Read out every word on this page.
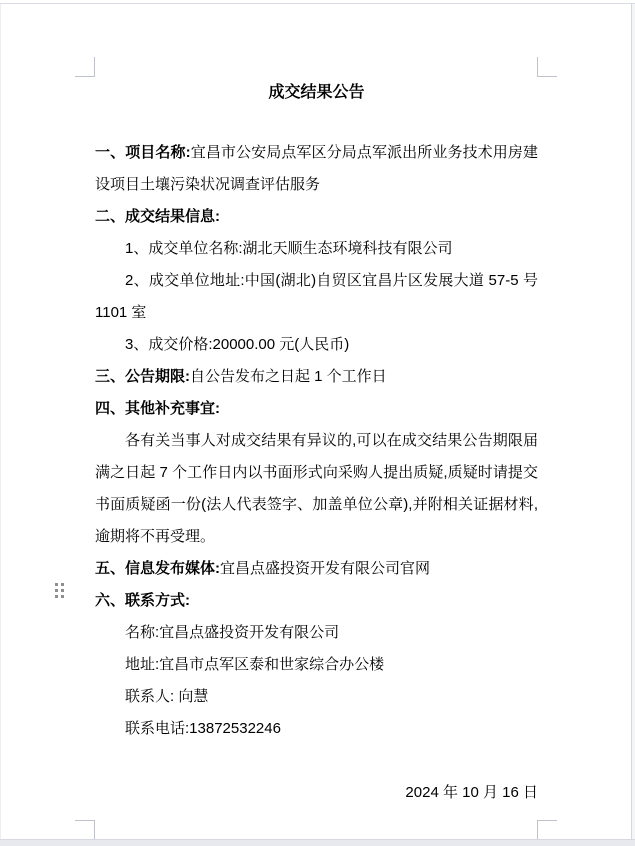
成交结果公告

一、项目名称:宜昌市公安局点军区分局点军派出所业务技术用房建设项目土壤污染状况调查评估服务

二、成交结果信息:

1、成交单位名称:湖北天顺生态环境科技有限公司

2、成交单位地址:中国(湖北)自贸区宜昌片区发展大道 57-5 号 1101 室

3、成交价格:20000.00 元(人民币)

三、公告期限:自公告发布之日起 1 个工作日

四、其他补充事宜:

各有关当事人对成交结果有异议的,可以在成交结果公告期限届满之日起 7 个工作日内以书面形式向采购人提出质疑,质疑时请提交书面质疑函一份(法人代表签字、加盖单位公章),并附相关证据材料,逾期将不再受理。

五、信息发布媒体:宜昌点盛投资开发有限公司官网

六、联系方式:

名称:宜昌点盛投资开发有限公司

地址:宜昌市点军区泰和世家综合办公楼

联系人: 向慧

联系电话:13872532246

2024 年 10 月 16 日
